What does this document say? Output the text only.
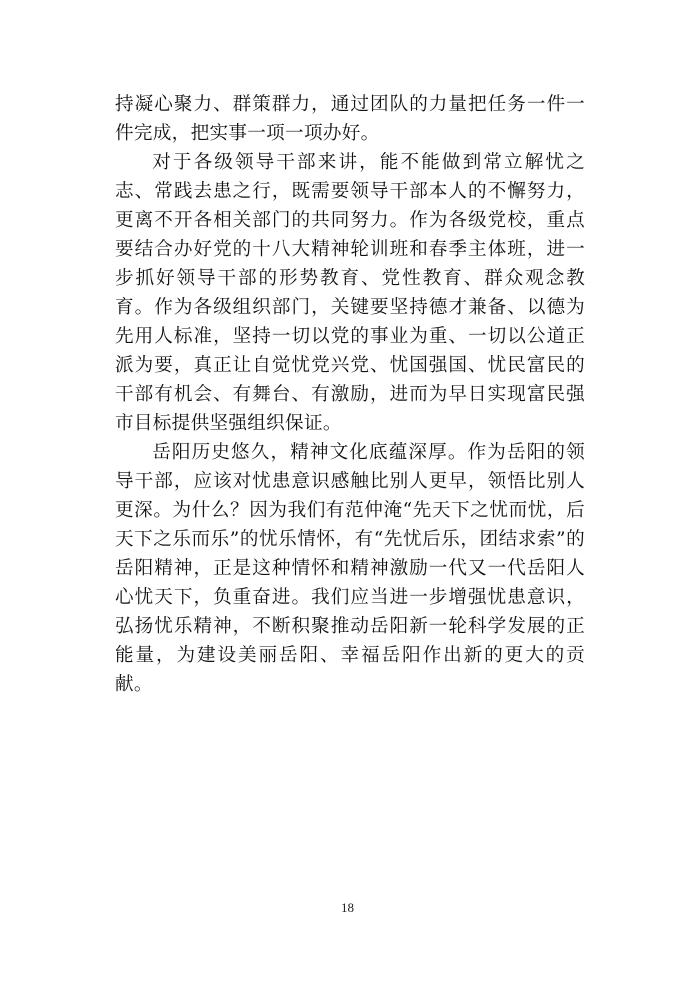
持凝心聚力、群策群力，通过团队的力量把任务一件一件完成，把实事一项一项办好。

对于各级领导干部来讲，能不能做到常立解忧之志、常践去患之行，既需要领导干部本人的不懈努力，更离不开各相关部门的共同努力。作为各级党校，重点要结合办好党的十八大精神轮训班和春季主体班，进一步抓好领导干部的形势教育、党性教育、群众观念教育。作为各级组织部门，关键要坚持德才兼备、以德为先用人标准，坚持一切以党的事业为重、一切以公道正派为要，真正让自觉忧党兴党、忧国强国、忧民富民的干部有机会、有舞台、有激励，进而为早日实现富民强市目标提供坚强组织保证。

岳阳历史悠久，精神文化底蕴深厚。作为岳阳的领导干部，应该对忧患意识感触比别人更早，领悟比别人更深。为什么？因为我们有范仲淹“先天下之忧而忧，后天下之乐而乐”的忧乐情怀，有“先忧后乐，团结求索”的岳阳精神，正是这种情怀和精神激励一代又一代岳阳人心忧天下，负重奋进。我们应当进一步增强忧患意识，弘扬忧乐精神，不断积聚推动岳阳新一轮科学发展的正能量，为建设美丽岳阳、幸福岳阳作出新的更大的贡献。

18
